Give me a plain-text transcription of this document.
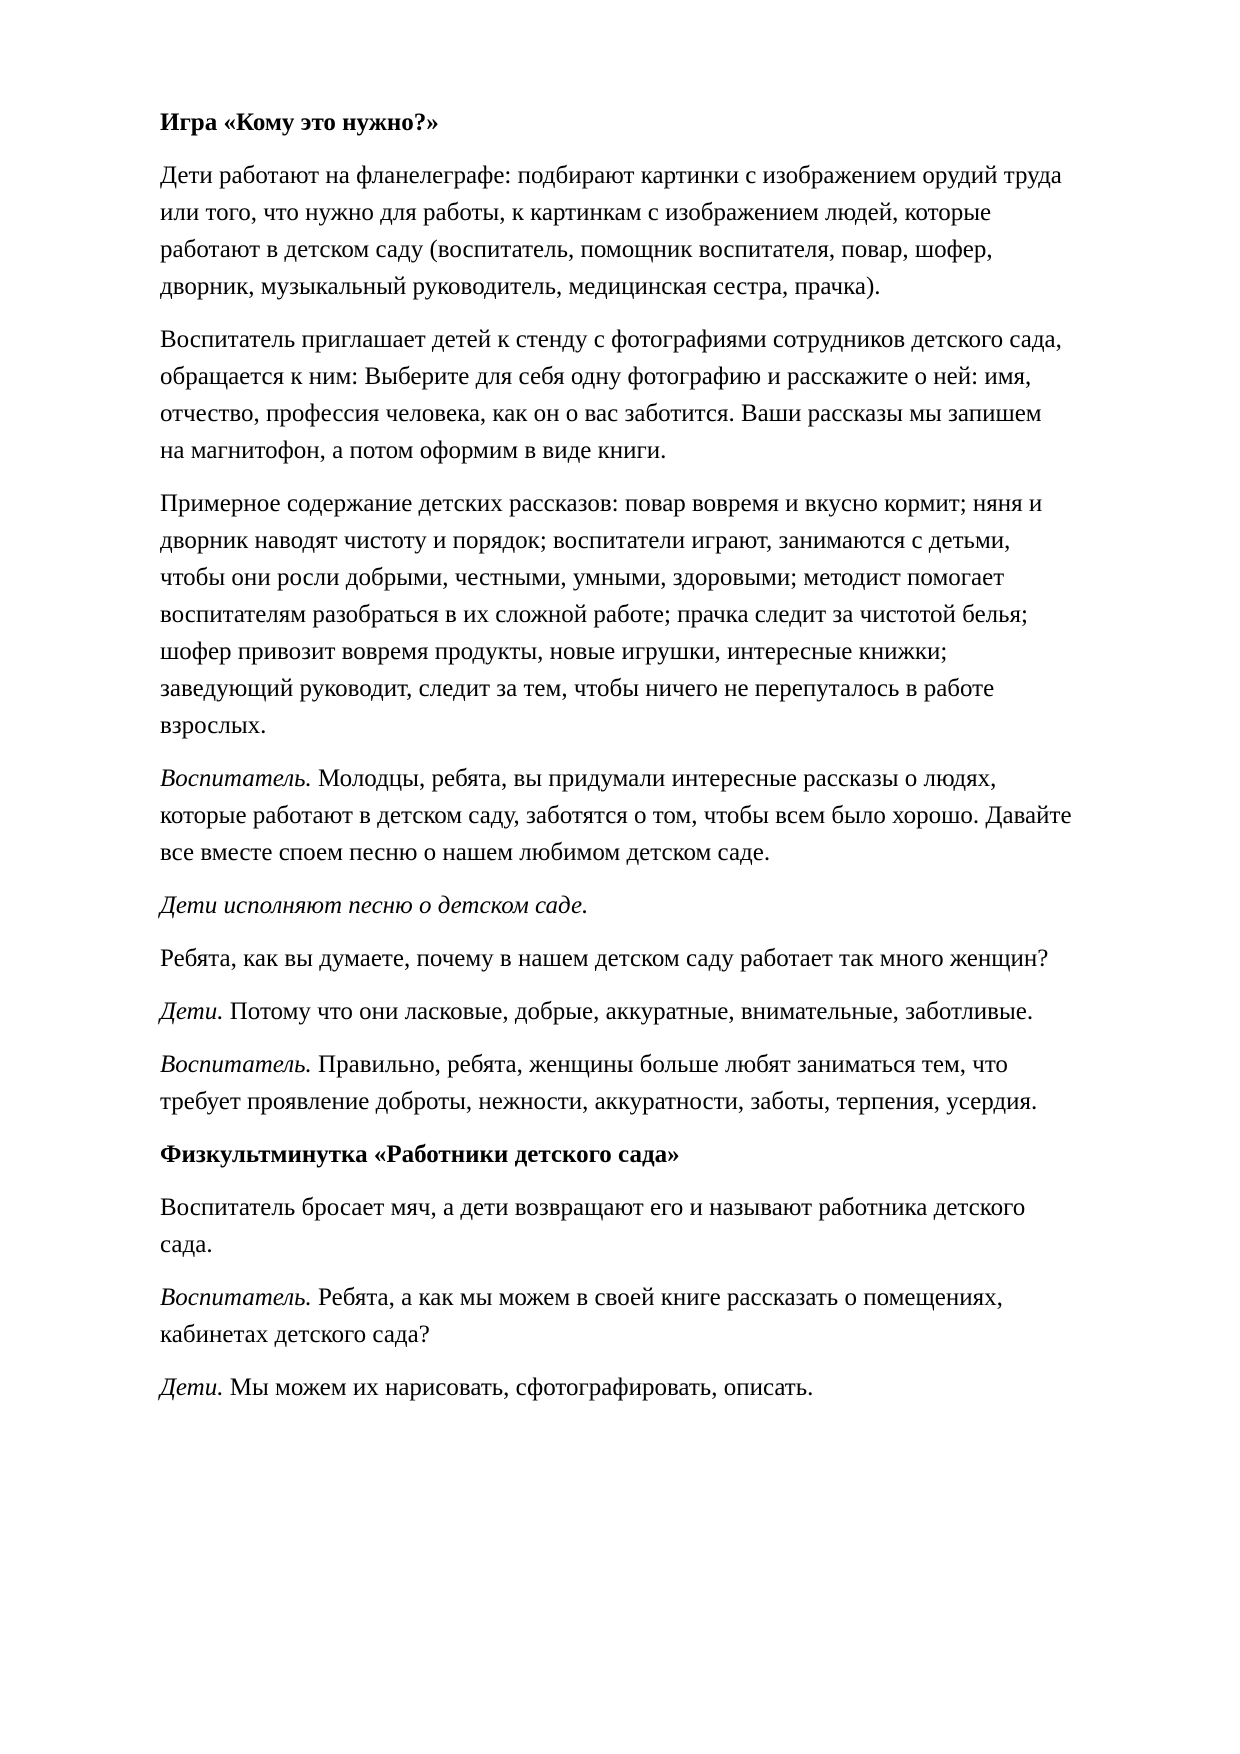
Игра «Кому это нужно?»

Дети работают на фланелеграфе: подбирают картинки с изображением орудий труда или того, что нужно для работы, к картинкам с изображением людей, которые работают в детском саду (воспитатель, помощник воспитателя, повар, шофер, дворник, музыкальный руководитель, медицинская сестра, прачка).

Воспитатель приглашает детей к стенду с фотографиями сотрудников детского сада, обращается к ним: Выберите для себя одну фотографию и расскажите о ней: имя, отчество, профессия человека, как он о вас заботится. Ваши рассказы мы запишем на магнитофон, а потом оформим в виде книги.

Примерное содержание детских рассказов: повар вовремя и вкусно кормит; няня и дворник наводят чистоту и порядок; воспитатели играют, занимаются с детьми, чтобы они росли добрыми, честными, умными, здоровыми; методист помогает воспитателям разобраться в их сложной работе; прачка следит за чистотой белья; шофер привозит вовремя продукты, новые игрушки, интересные книжки; заведующий руководит, следит за тем, чтобы ничего не перепуталось в работе взрослых.

Воспитатель. Молодцы, ребята, вы придумали интересные рассказы о людях, которые работают в детском саду, заботятся о том, чтобы всем было хорошо. Давайте все вместе споем песню о нашем любимом детском саде.

Дети исполняют песню о детском саде.

Ребята, как вы думаете, почему в нашем детском саду работает так много женщин?

Дети. Потому что они ласковые, добрые, аккуратные, внимательные, заботливые.

Воспитатель. Правильно, ребята, женщины больше любят заниматься тем, что требует проявление доброты, нежности, аккуратности, заботы, терпения, усердия.

Физкультминутка «Работники детского сада»

Воспитатель бросает мяч, а дети возвращают его и называют работника детского сада.

Воспитатель. Ребята, а как мы можем в своей книге рассказать о помещениях, кабинетах детского сада?

Дети. Мы можем их нарисовать, сфотографировать, описать.
